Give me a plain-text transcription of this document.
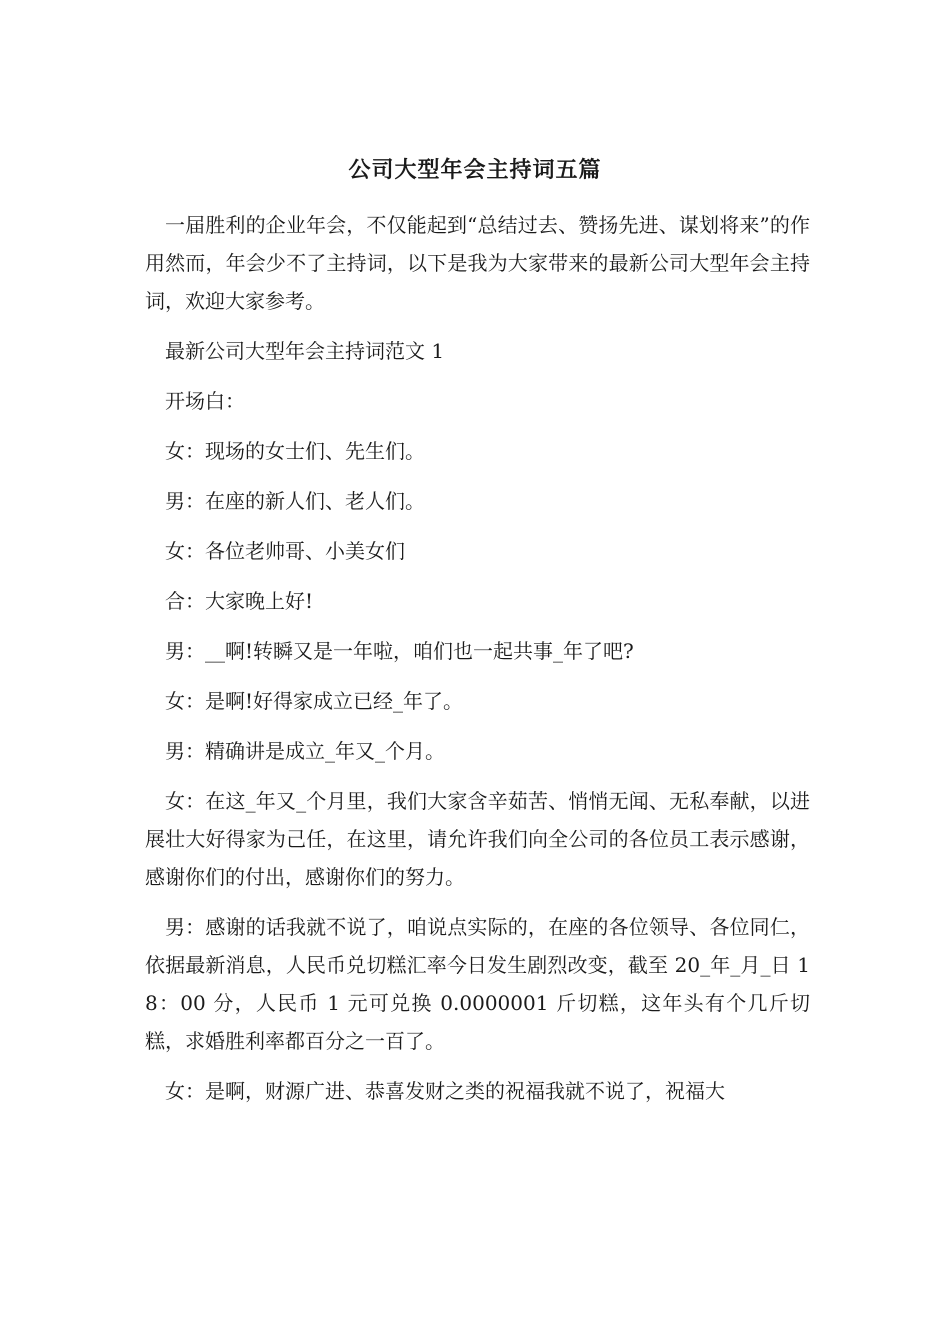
公司大型年会主持词五篇

一届胜利的企业年会，不仅能起到“总结过去、赞扬先进、谋划将来”的作用然而，年会少不了主持词，以下是我为大家带来的最新公司大型年会主持词，欢迎大家参考。

最新公司大型年会主持词范文 1

开场白：

女：现场的女士们、先生们。

男：在座的新人们、老人们。

女：各位老帅哥、小美女们

合：大家晚上好!

男：__啊!转瞬又是一年啦，咱们也一起共事_年了吧?

女：是啊!好得家成立已经_年了。

男：精确讲是成立_年又_个月。

女：在这_年又_个月里，我们大家含辛茹苦、悄悄无闻、无私奉献，以进展壮大好得家为己任，在这里，请允许我们向全公司的各位员工表示感谢，感谢你们的付出，感谢你们的努力。

男：感谢的话我就不说了，咱说点实际的，在座的各位领导、各位同仁，依据最新消息，人民币兑切糕汇率今日发生剧烈改变，截至 20_年_月_日 18：00 分，人民币 1 元可兑换 0.0000001 斤切糕，这年头有个几斤切糕，求婚胜利率都百分之一百了。

女：是啊，财源广进、恭喜发财之类的祝福我就不说了，祝福大
